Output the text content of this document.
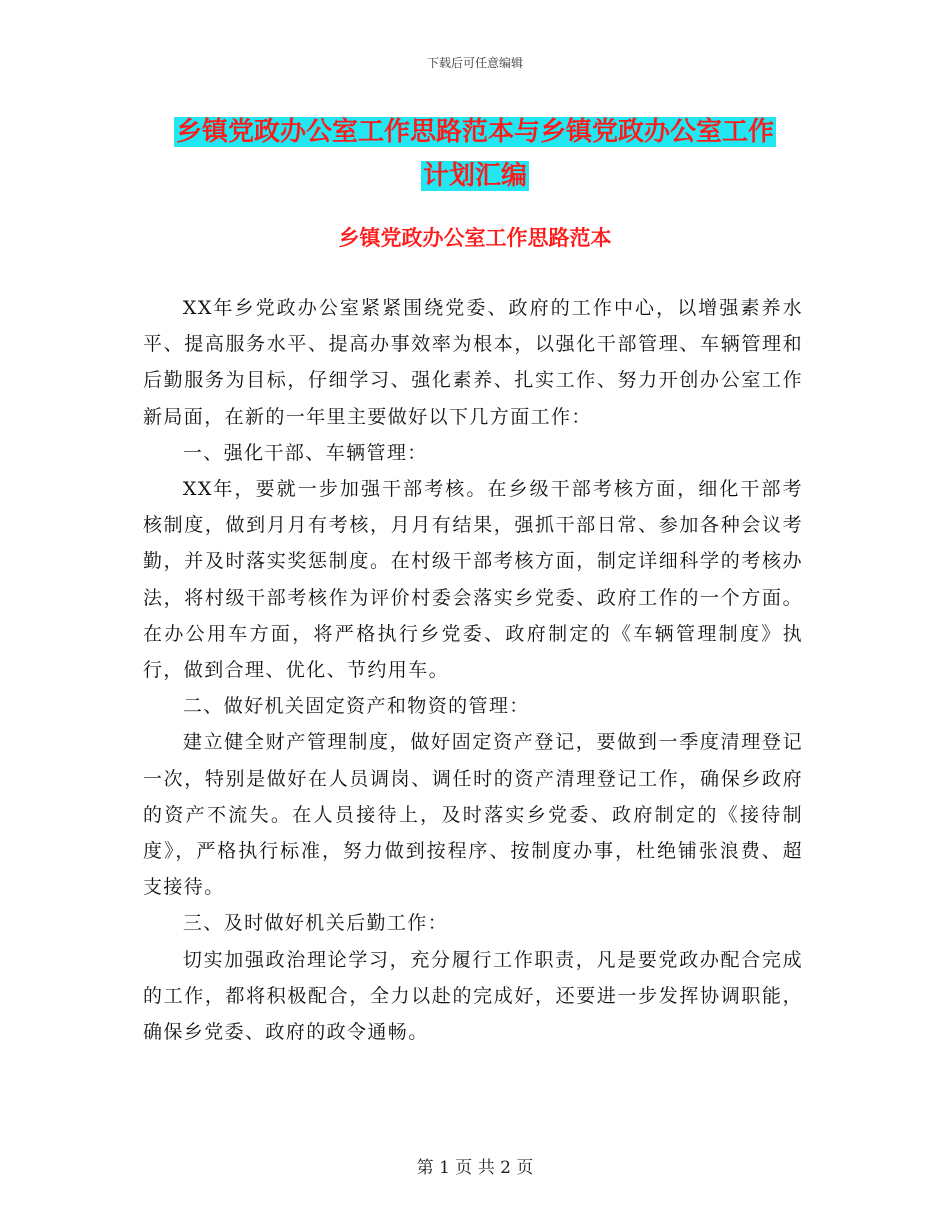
下载后可任意编辑
乡镇党政办公室工作思路范本与乡镇党政办公室工作
计划汇编
乡镇党政办公室工作思路范本

XX年乡党政办公室紧紧围绕党委、政府的工作中心，以增强素养水平、提高服务水平、提高办事效率为根本，以强化干部管理、车辆管理和后勤服务为目标，仔细学习、强化素养、扎实工作、努力开创办公室工作新局面，在新的一年里主要做好以下几方面工作：

一、强化干部、车辆管理：

XX年，要就一步加强干部考核。在乡级干部考核方面，细化干部考核制度，做到月月有考核，月月有结果，强抓干部日常、参加各种会议考勤，并及时落实奖惩制度。在村级干部考核方面，制定详细科学的考核办法，将村级干部考核作为评价村委会落实乡党委、政府工作的一个方面。在办公用车方面，将严格执行乡党委、政府制定的《车辆管理制度》执行，做到合理、优化、节约用车。

二、做好机关固定资产和物资的管理：

建立健全财产管理制度，做好固定资产登记，要做到一季度清理登记一次，特别是做好在人员调岗、调任时的资产清理登记工作，确保乡政府的资产不流失。在人员接待上，及时落实乡党委、政府制定的《接待制度》，严格执行标准，努力做到按程序、按制度办事，杜绝铺张浪费、超支接待。

三、及时做好机关后勤工作：

切实加强政治理论学习，充分履行工作职责，凡是要党政办配合完成的工作，都将积极配合，全力以赴的完成好，还要进一步发挥协调职能，确保乡党委、政府的政令通畅。

第 1 页 共 2 页
